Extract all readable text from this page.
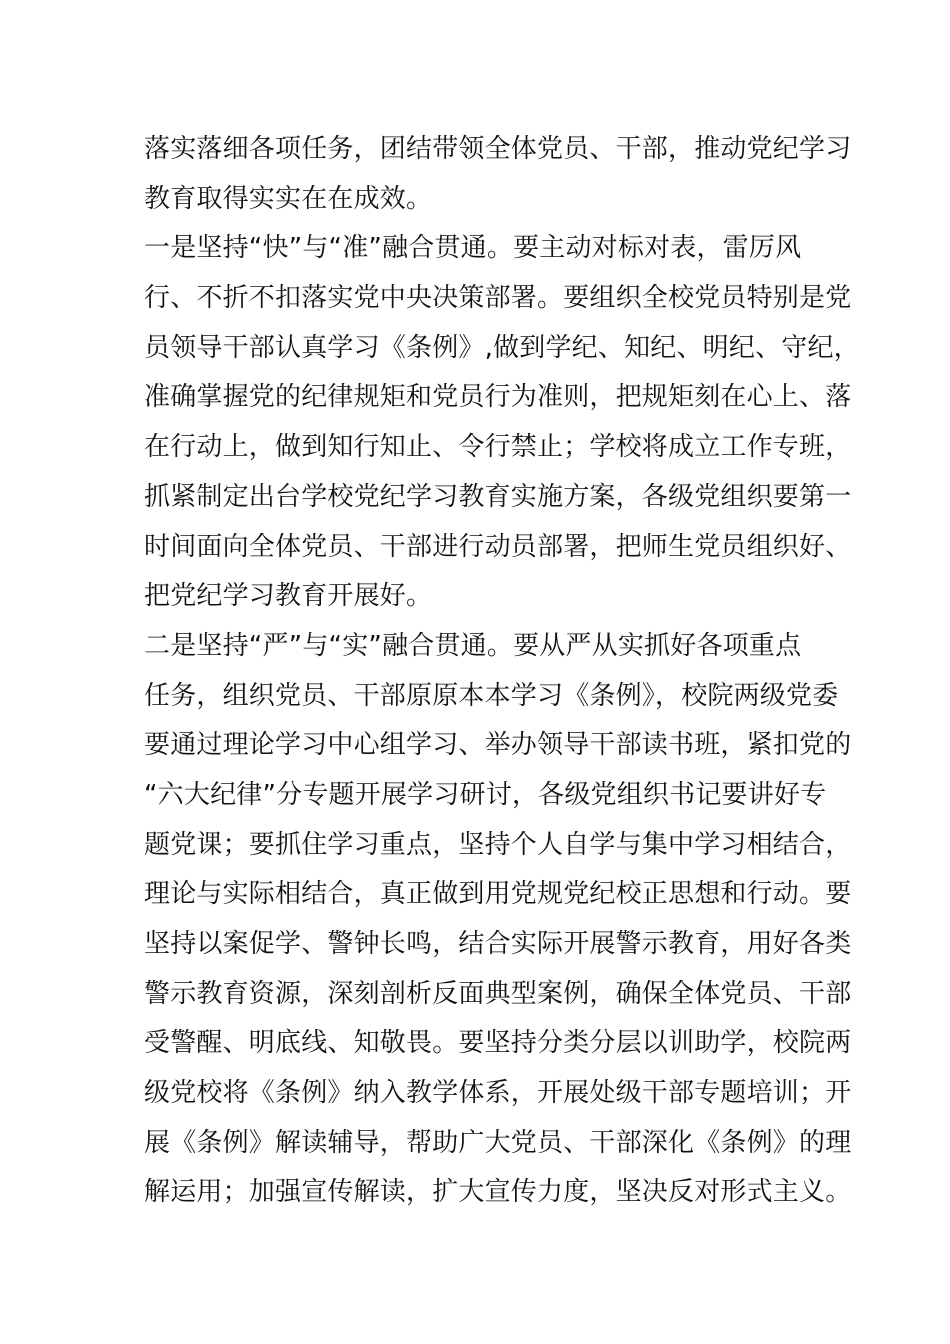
落实落细各项任务，团结带领全体党员、干部，推动党纪学习
教育取得实实在在成效。
一是坚持“快”与“准”融合贯通。要主动对标对表，雷厉风
行、不折不扣落实党中央决策部署。要组织全校党员特别是党
员领导干部认真学习《条例》,做到学纪、知纪、明纪、守纪，
准确掌握党的纪律规矩和党员行为准则，把规矩刻在心上、落
在行动上，做到知行知止、令行禁止；学校将成立工作专班，
抓紧制定出台学校党纪学习教育实施方案，各级党组织要第一
时间面向全体党员、干部进行动员部署，把师生党员组织好、
把党纪学习教育开展好。
二是坚持“严”与“实”融合贯通。要从严从实抓好各项重点
任务，组织党员、干部原原本本学习《条例》，校院两级党委
要通过理论学习中心组学习、举办领导干部读书班，紧扣党的
“六大纪律”分专题开展学习研讨，各级党组织书记要讲好专
题党课；要抓住学习重点，坚持个人自学与集中学习相结合，
理论与实际相结合，真正做到用党规党纪校正思想和行动。要
坚持以案促学、警钟长鸣，结合实际开展警示教育，用好各类
警示教育资源，深刻剖析反面典型案例，确保全体党员、干部
受警醒、明底线、知敬畏。要坚持分类分层以训助学，校院两
级党校将《条例》纳入教学体系，开展处级干部专题培训；开
展《条例》解读辅导，帮助广大党员、干部深化《条例》的理
解运用；加强宣传解读，扩大宣传力度，坚决反对形式主义。
